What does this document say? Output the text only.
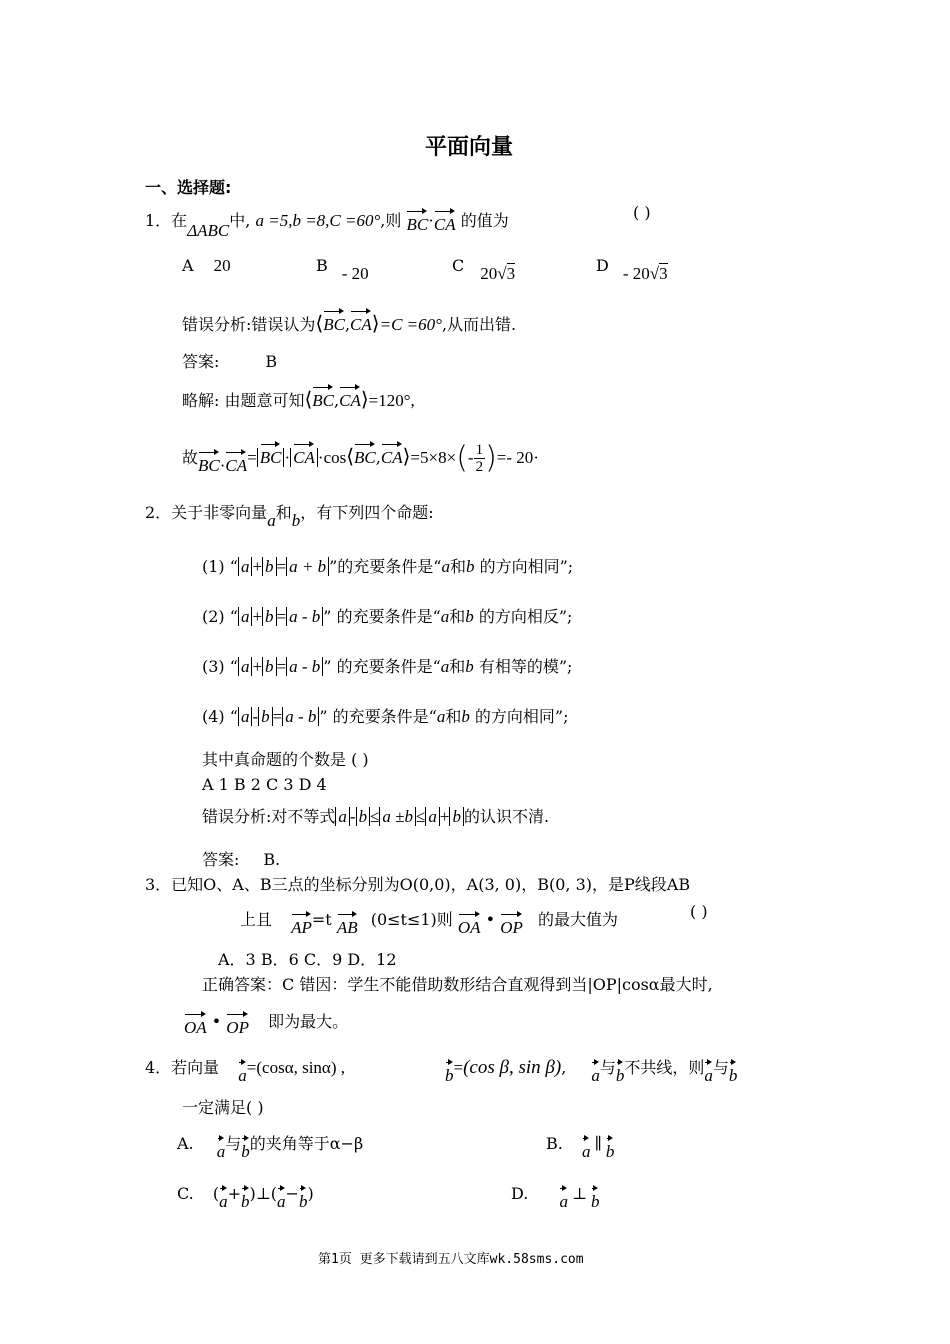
平面向量
一、选择题:
1．在ΔABC中, a =5,b =8,C =60°,则 BC·CA 的值为	( )
A 20	B - 20	C 20√3	D - 20√3
错误分析:错误认为⟨BC,CA⟩=C =60°,从而出错.
答案:	B
略解: 由题意可知⟨BC,CA⟩=120°,
故BC·CA= BC · CA ·cos⟨BC,CA⟩=5×8×(- $\frac{1}{2}$ )=- 20·
2．关于非零向量a和b，有下列四个命题:
(1) “ a + b = a + b ”的充要条件是“a和b 的方向相同”;
(2) “ a + b = a - b ” 的充要条件是“a和b 的方向相反”;
(3) “ a + b = a - b ” 的充要条件是“a和b 有相等的模”;
(4) “ a - b = a - b ” 的充要条件是“a和b 的方向相同”;
其中真命题的个数是 ( )
A 1 B 2 C 3 D 4
错误分析:对不等式 a - b ≤ a ±b ≤ a + b 的认识不清.
答案: B.
3．已知O、A、B三点的坐标分别为O(0,0)，A(3, 0)，B(0, 3)，是P线段AB
上且 AP=t AB (0≤t≤1)则 OA • OP 的最大值为	( )
A．3 B．6 C．9 D．12
正确答案：C 错因：学生不能借助数形结合直观得到当|OP|cosα最大时,
OA • OP 即为最大。
4．若向量 a=(cosα, sinα) ,	b=(cos β, sin β), a与b不共线，则a与b
一定满足( )
A. a与b的夹角等于α−β	B. a ∥ b
C. (a+b)⊥(a−b)	D. a ⊥ b
第1页 更多下载请到五八文库wk.58sms.com
